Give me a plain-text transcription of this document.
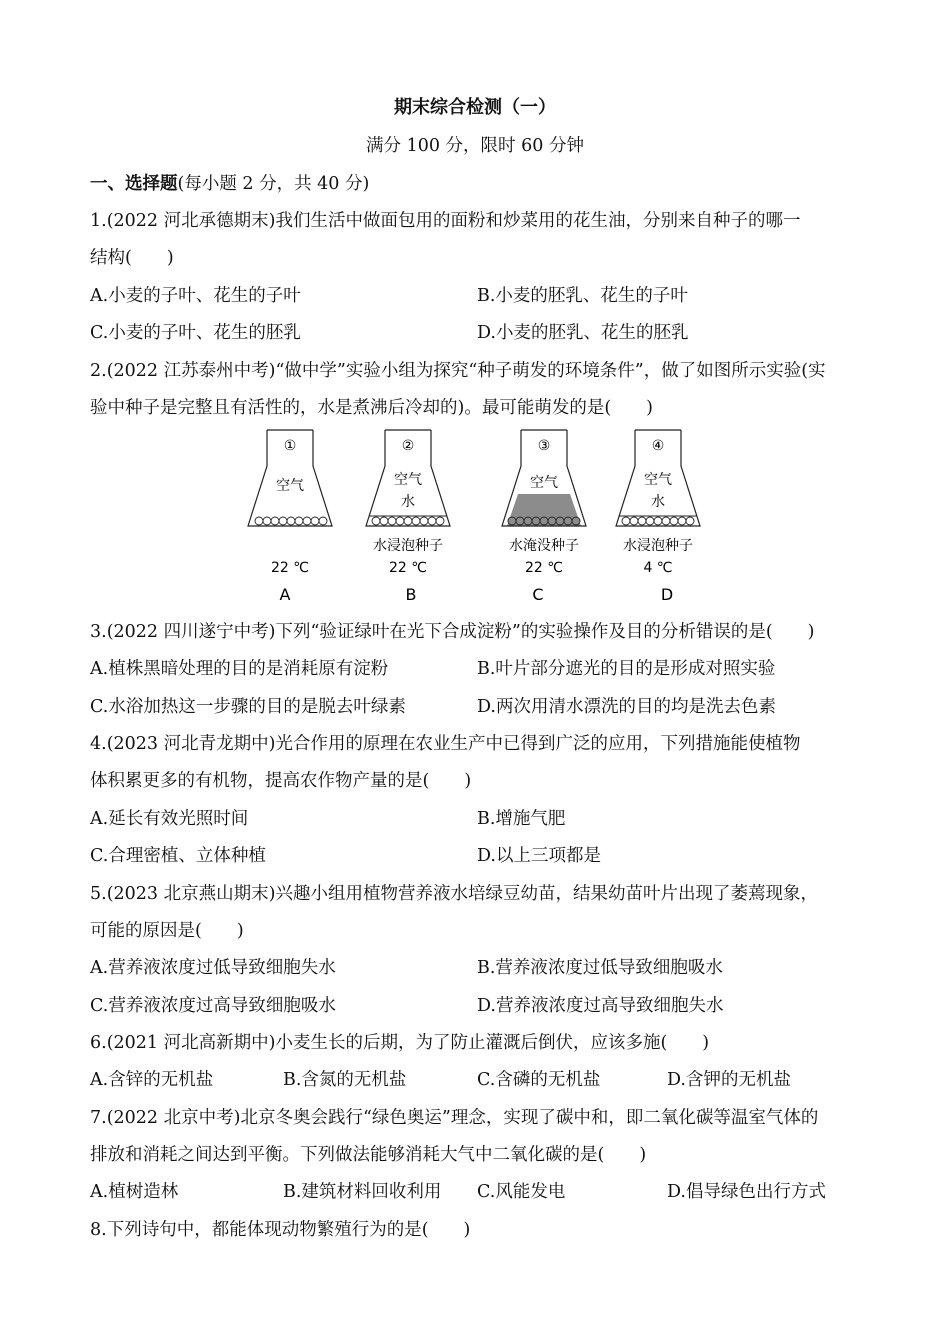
期末综合检测（一）
满分 100 分，限时 60 分钟
一、选择题(每小题 2 分，共 40 分)
1.(2022 河北承德期末)我们生活中做面包用的面粉和炒菜用的花生油，分别来自种子的哪一
结构(　　)
A.小麦的子叶、花生的子叶	B.小麦的胚乳、花生的子叶
C.小麦的子叶、花生的胚乳	D.小麦的胚乳、花生的胚乳
2.(2022 江苏泰州中考)“做中学”实验小组为探究“种子萌发的环境条件”，做了如图所示实验(实
验中种子是完整且有活性的，水是煮沸后冷却的)。最可能萌发的是(　　)
①
空气
22 ℃
A
②
空气
水
水浸泡种子
22 ℃
B
③
空气
水淹没种子
22 ℃
C
④
空气
水
水浸泡种子
4 ℃
D
3.(2022 四川遂宁中考)下列“验证绿叶在光下合成淀粉”的实验操作及目的分析错误的是(　　)
A.植株黑暗处理的目的是消耗原有淀粉	B.叶片部分遮光的目的是形成对照实验
C.水浴加热这一步骤的目的是脱去叶绿素	D.两次用清水漂洗的目的均是洗去色素
4.(2023 河北青龙期中)光合作用的原理在农业生产中已得到广泛的应用，下列措施能使植物
体积累更多的有机物，提高农作物产量的是(　　)
A.延长有效光照时间	B.增施气肥
C.合理密植、立体种植	D.以上三项都是
5.(2023 北京燕山期末)兴趣小组用植物营养液水培绿豆幼苗，结果幼苗叶片出现了萎蔫现象，
可能的原因是(　　)
A.营养液浓度过低导致细胞失水	B.营养液浓度过低导致细胞吸水
C.营养液浓度过高导致细胞吸水	D.营养液浓度过高导致细胞失水
6.(2021 河北高新期中)小麦生长的后期，为了防止灌溉后倒伏，应该多施(　　)
A.含锌的无机盐	B.含氮的无机盐	C.含磷的无机盐	D.含钾的无机盐
7.(2022 北京中考)北京冬奥会践行“绿色奥运”理念，实现了碳中和，即二氧化碳等温室气体的
排放和消耗之间达到平衡。下列做法能够消耗大气中二氧化碳的是(　　)
A.植树造林	B.建筑材料回收利用 C.风能发电	D.倡导绿色出行方式
8.下列诗句中，都能体现动物繁殖行为的是(　　)
